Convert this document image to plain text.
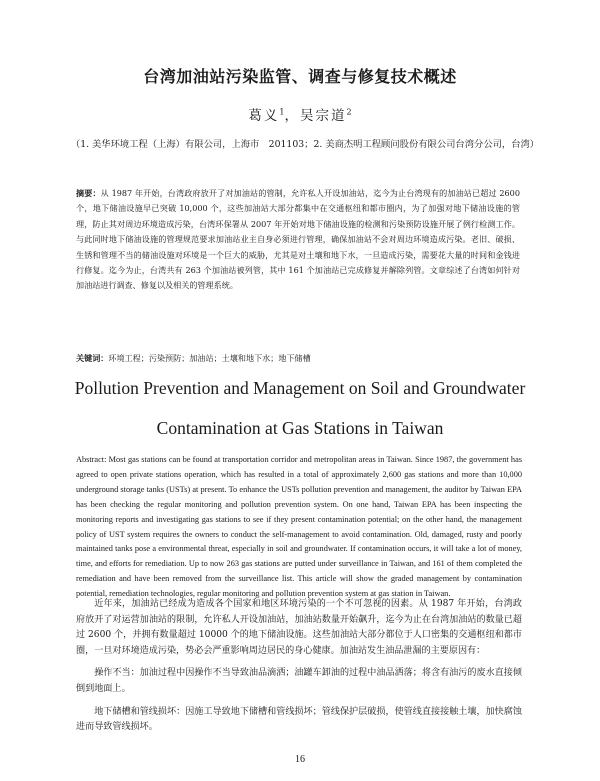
台湾加油站污染监管、调查与修复技术概述
葛义$^1$，吴宗道$^2$
（1. 美华环境工程（上海）有限公司，上海市　201103；2. 美商杰明工程顾问股份有限公司台湾分公司，台湾）
摘要：从 1987 年开始，台湾政府放开了对加油站的管制，允许私人开设加油站，迄今为止台湾现有的加油站已超过 2600 个，地下储油设施早已突破 10,000 个，这些加油站大部分都集中在交通枢纽和都市圈内，为了加强对地下储油设施的管理，防止其对周边环境造成污染，台湾环保署从 2007 年开始对地下储油设施的检测和污染预防设施开展了例行检测工作。与此同时地下储油设施的管理规范要求加油站业主自身必须进行管理，确保加油站不会对周边环境造成污染。老旧、破损、生锈和管理不当的储油设施对环境是一个巨大的威胁，尤其是对土壤和地下水，一旦造成污染，需要花大量的时间和金钱进行修复。迄今为止，台湾共有 263 个加油站被列管，其中 161 个加油站已完成修复并解除列管。文章综述了台湾如何针对加油站进行调查、修复以及相关的管理系统。
关键词：环境工程；污染预防；加油站；土壤和地下水；地下储槽
Pollution Prevention and Management on Soil and Groundwater
Contamination at Gas Stations in Taiwan
Abstract: Most gas stations can be found at transportation corridor and metropolitan areas in Taiwan. Since 1987, the government has agreed to open private stations operation, which has resulted in a total of approximately 2,600 gas stations and more than 10,000 underground storage tanks (USTs) at present. To enhance the USTs pollution prevention and management, the auditor by Taiwan EPA has been checking the regular monitoring and pollution prevention system. On one hand, Taiwan EPA has been inspecting the monitoring reports and investigating gas stations to see if they present contamination potential; on the other hand, the management policy of UST system requires the owners to conduct the self-management to avoid contamination. Old, damaged, rusty and poorly maintained tanks pose a environmental threat, especially in soil and groundwater. If contamination occurs, it will take a lot of money, time, and efforts for remediation. Up to now 263 gas stations are putted under surveillance in Taiwan, and 161 of them completed the remediation and have been removed from the surveillance list. This article will show the graded management by contamination potential, remediation technologies, regular monitoring and pollution prevention system at gas station in Taiwan.

近年来，加油站已经成为造成各个国家和地区环境污染的一个不可忽视的因素。从 1987 年开始，台湾政府放开了对运营加油站的限制，允许私人开设加油站，加油站数量开始飙升，迄今为止在台湾加油站的数量已超过 2600 个，并拥有数量超过 10000 个的地下储油设施。这些加油站大部分都位于人口密集的交通枢纽和都市圈，一旦对环境造成污染，势必会严重影响周边居民的身心健康。加油站发生油品泄漏的主要原因有：

操作不当：加油过程中因操作不当导致油品滴洒；油罐车卸油的过程中油品洒落；将含有油污的废水直接倾倒到地面上。

地下储槽和管线损坏：因施工导致地下储槽和管线损坏；管线保护层破损，使管线直接接触土壤，加快腐蚀进而导致管线损坏。

16
